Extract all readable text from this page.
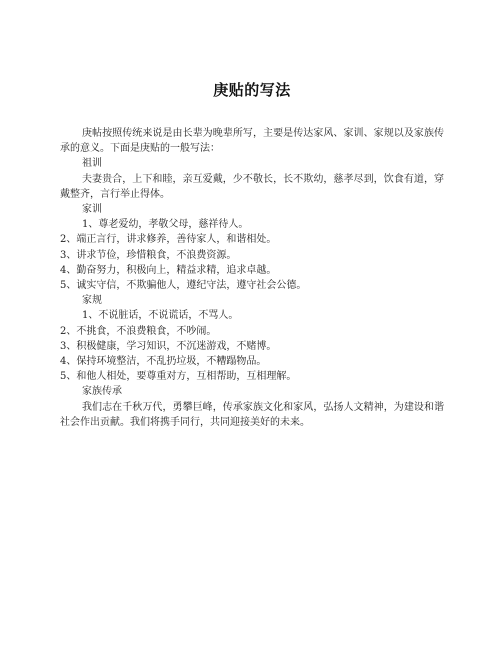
庚贴的写法

庚帖按照传统来说是由长辈为晚辈所写，主要是传达家风、家训、家规以及家族传承的意义。下面是庚贴的一般写法：

祖训

夫妻贵合，上下和睦，亲互爱戴，少不敬长，长不欺幼，慈孝尽到，饮食有道，穿戴整齐，言行举止得体。

家训

1、尊老爱幼，孝敬父母，慈祥待人。

2、端正言行，讲求修养，善待家人，和谐相处。

3、讲求节俭，珍惜粮食，不浪费资源。

4、勤奋努力，积极向上，精益求精，追求卓越。

5、诚实守信，不欺骗他人，遵纪守法，遵守社会公德。

家规

1、不说脏话，不说谎话，不骂人。

2、不挑食，不浪费粮食，不吵闹。

3、积极健康，学习知识，不沉迷游戏，不赌博。

4、保持环境整洁，不乱扔垃圾，不糟蹋物品。

5、和他人相处，要尊重对方，互相帮助，互相理解。

家族传承

我们志在千秋万代，勇攀巨峰，传承家族文化和家风，弘扬人文精神，为建设和谐社会作出贡献。我们将携手同行，共同迎接美好的未来。
